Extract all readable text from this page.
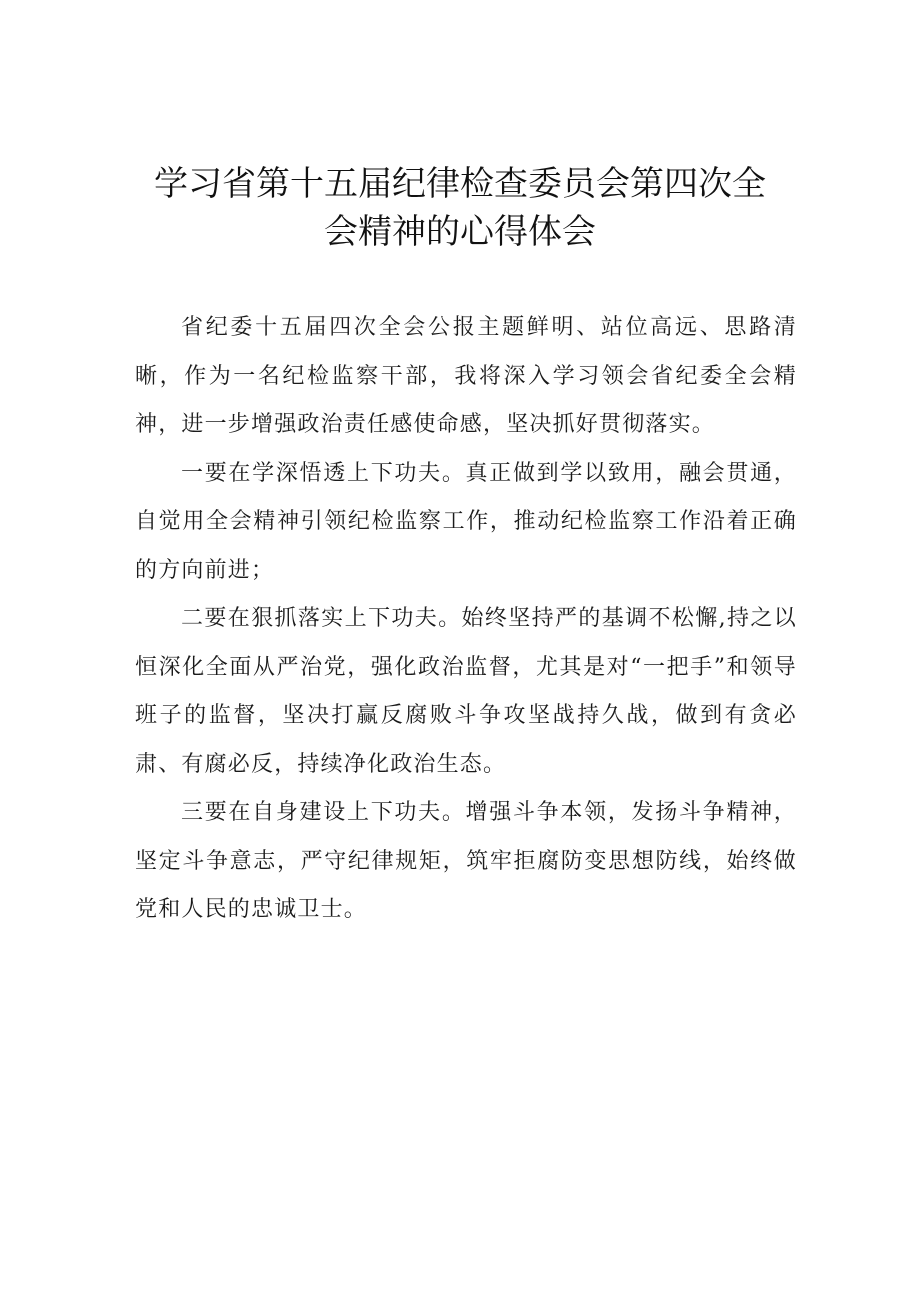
学习省第十五届纪律检查委员会第四次全
会精神的心得体会

省纪委十五届四次全会公报主题鲜明、站位高远、思路清晰，作为一名纪检监察干部，我将深入学习领会省纪委全会精神，进一步增强政治责任感使命感，坚决抓好贯彻落实。

一要在学深悟透上下功夫。真正做到学以致用，融会贯通，自觉用全会精神引领纪检监察工作，推动纪检监察工作沿着正确的方向前进；

二要在狠抓落实上下功夫。始终坚持严的基调不松懈,持之以恒深化全面从严治党，强化政治监督，尤其是对“一把手”和领导班子的监督，坚决打赢反腐败斗争攻坚战持久战，做到有贪必肃、有腐必反，持续净化政治生态。

三要在自身建设上下功夫。增强斗争本领，发扬斗争精神，坚定斗争意志，严守纪律规矩，筑牢拒腐防变思想防线，始终做党和人民的忠诚卫士。
